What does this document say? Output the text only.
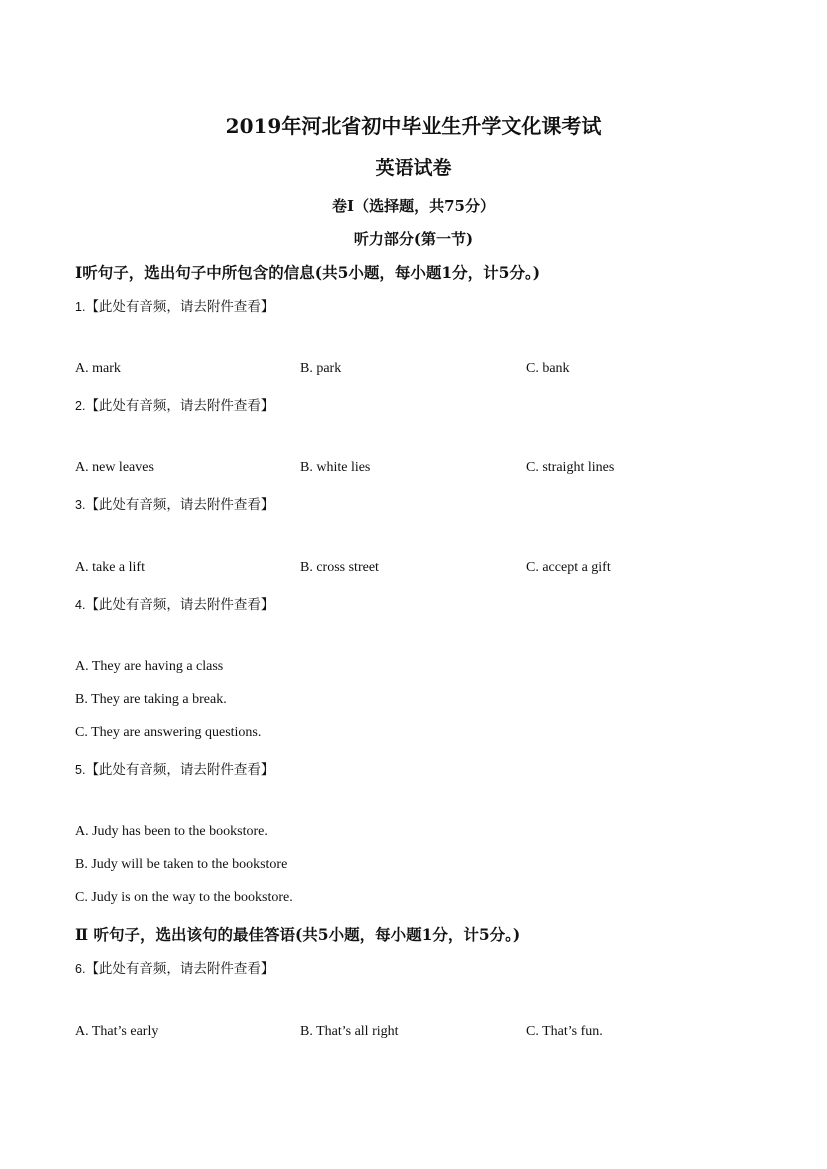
2019年河北省初中毕业生升学文化课考试
英语试卷
卷Ⅰ（选择题，共75分）
听力部分(第一节)
Ⅰ听句子，选出句子中所包含的信息(共5小题，每小题1分，计5分。)
1.【此处有音频，请去附件查看】
A. mark	B. park	C. bank
2.【此处有音频，请去附件查看】
A. new leaves	B. white lies	C. straight lines
3.【此处有音频，请去附件查看】
A. take a lift	B. cross street	C. accept a gift
4.【此处有音频，请去附件查看】
A. They are having a class
B. They are taking a break.
C. They are answering questions.
5.【此处有音频，请去附件查看】
A. Judy has been to the bookstore.
B. Judy will be taken to the bookstore
C. Judy is on the way to the bookstore.
Ⅱ 听句子，选出该句的最佳答语(共5小题，每小题1分，计5分。)
6.【此处有音频，请去附件查看】
A. That’s early	B. That’s all right	C. That’s fun.
